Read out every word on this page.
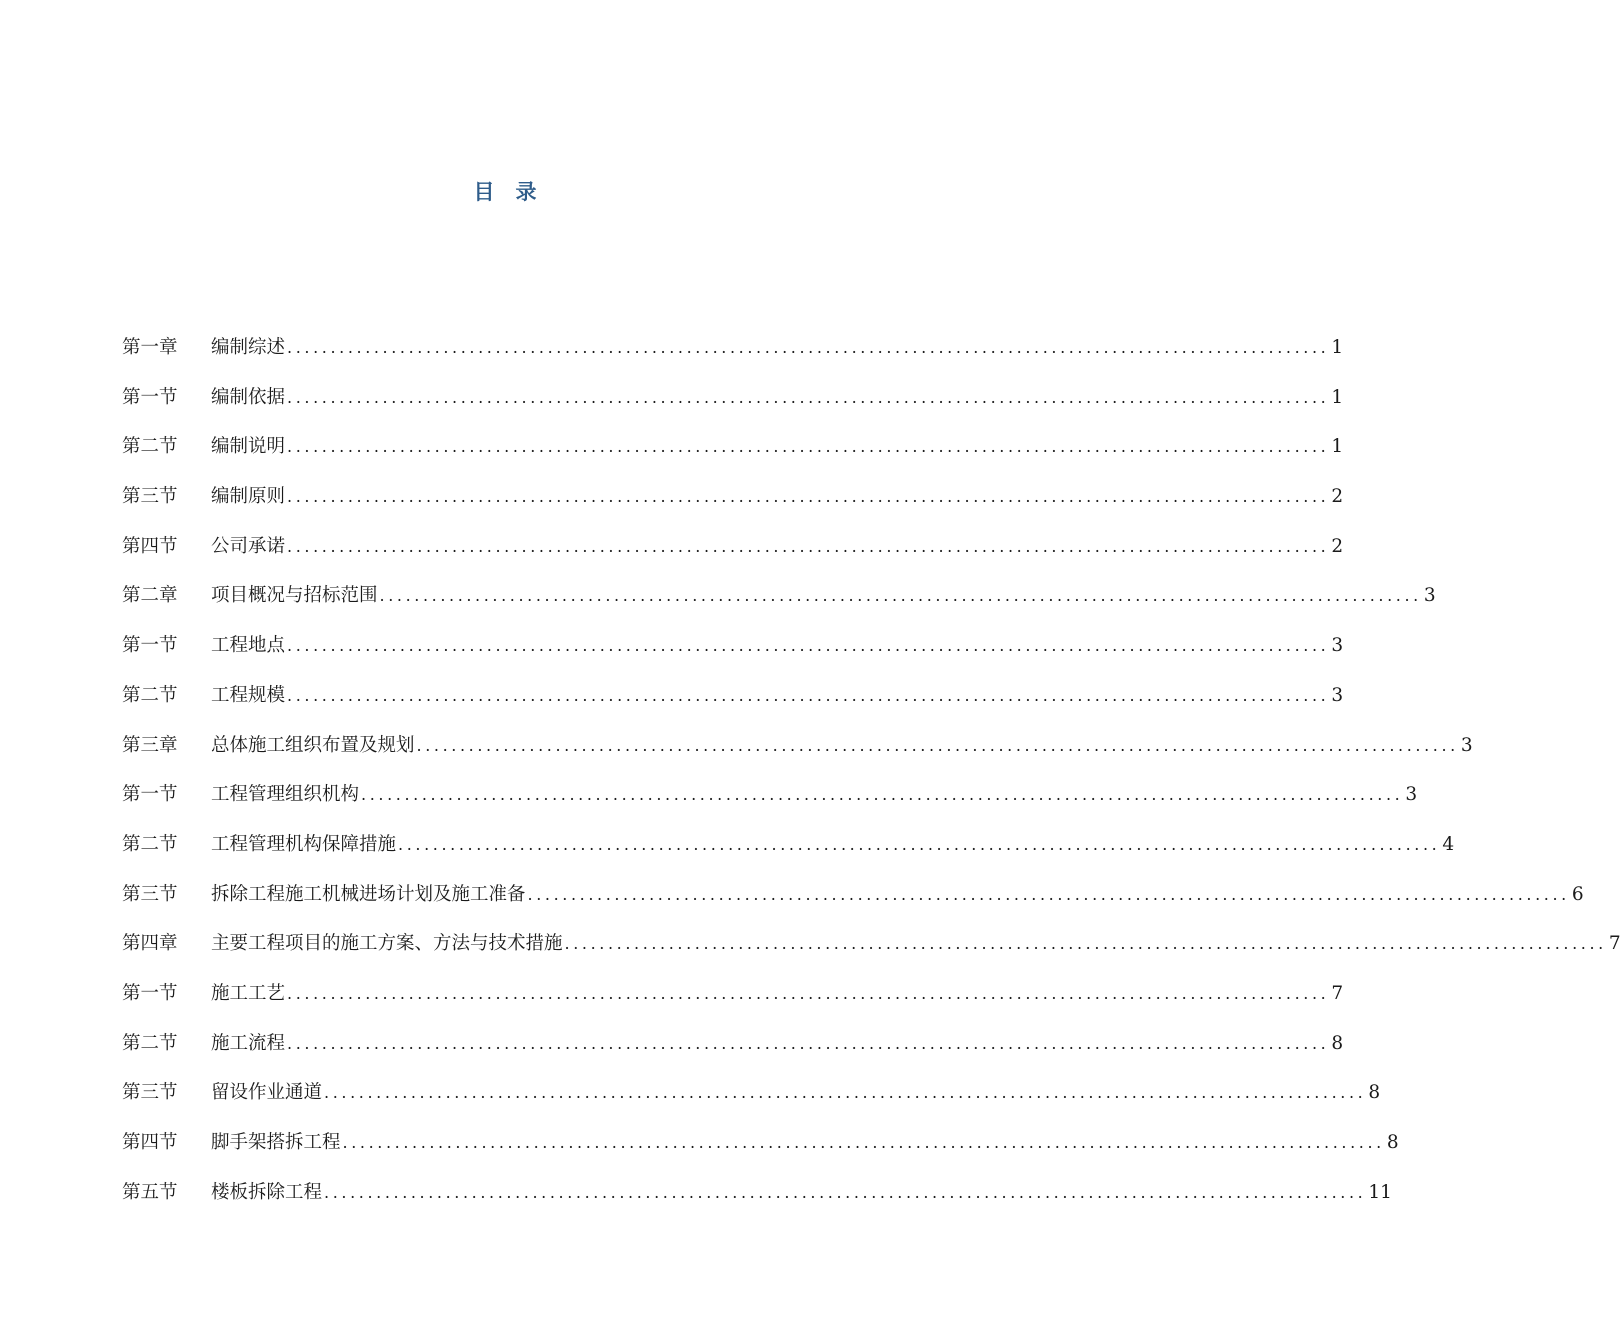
目　录
第一章	编制综述 ........................................................................................................................ 1
第一节	编制依据 ........................................................................................................................ 1
第二节	编制说明 ........................................................................................................................ 1
第三节	编制原则 ........................................................................................................................ 2
第四节	公司承诺 ........................................................................................................................ 2
第二章	项目概况与招标范围 ........................................................................................................................ 3
第一节	工程地点 ........................................................................................................................ 3
第二节	工程规模 ........................................................................................................................ 3
第三章	总体施工组织布置及规划 ........................................................................................................................ 3
第一节	工程管理组织机构 ........................................................................................................................ 3
第二节	工程管理机构保障措施 ........................................................................................................................ 4
第三节	拆除工程施工机械进场计划及施工准备 ........................................................................................................................ 6
第四章	主要工程项目的施工方案、方法与技术措施 ........................................................................................................................ 7
第一节	施工工艺 ........................................................................................................................ 7
第二节	施工流程 ........................................................................................................................ 8
第三节	留设作业通道 ........................................................................................................................ 8
第四节	脚手架搭拆工程 ........................................................................................................................ 8
第五节	楼板拆除工程 ........................................................................................................................ 11
